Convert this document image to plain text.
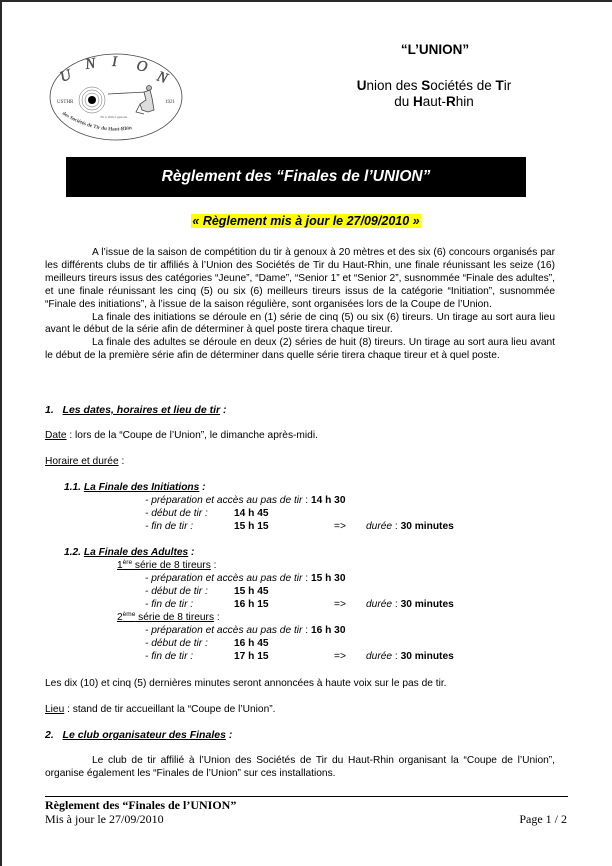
U
N I O
N
USTHR	1921
Tir à 10m à genoux
des Sociétés de Tir du Haut-Rhin
“L’UNION”
Union des Sociétés de Tir
du Haut-Rhin
Règlement des “Finales de l’UNION”
« Règlement mis à jour le 27/09/2010 »

A l’issue de la saison de compétition du tir à genoux à 20 mètres et des six (6) concours organisés par les différents clubs de tir affiliés à l’Union des Sociétés de Tir du Haut-Rhin, une finale réunissant les seize (16) meilleurs tireurs issus des catégories “Jeune”, “Dame”, “Senior 1” et “Senior 2”, susnommée “Finale des adultes”, et une finale réunissant les cinq (5) ou six (6) meilleurs tireurs issus de la catégorie “Initiation”, susnommée “Finale des initiations”, à l’issue de la saison régulière, sont organisées lors de la Coupe de l’Union.

La finale des initiations se déroule en (1) série de cinq (5) ou six (6) tireurs. Un tirage au sort aura lieu avant le début de la série afin de déterminer à quel poste tirera chaque tireur.

La finale des adultes se déroule en deux (2) séries de huit (8) tireurs. Un tirage au sort aura lieu avant le début de la première série afin de déterminer dans quelle série tirera chaque tireur et à quel poste.

1. Les dates, horaires et lieu de tir :
Date : lors de la “Coupe de l’Union”, le dimanche après-midi.
Horaire et durée :
1.1. La Finale des Initiations :
- préparation et accès au pas de tir : 14 h 30
- début de tir :	14 h 45
- fin de tir :	15 h 15	=> durée : 30 minutes
1.2. La Finale des Adultes :
1ère série de 8 tireurs :
- préparation et accès au pas de tir : 15 h 30
- début de tir :	15 h 45
- fin de tir :	16 h 15	=> durée : 30 minutes
2ème série de 8 tireurs :
- préparation et accès au pas de tir : 16 h 30
- début de tir :	16 h 45
- fin de tir :	17 h 15	=> durée : 30 minutes
Les dix (10) et cinq (5) dernières minutes seront annoncées à haute voix sur le pas de tir.
Lieu : stand de tir accueillant la “Coupe de l’Union”.
2. Le club organisateur des Finales :

Le club de tir affilié à l’Union des Sociétés de Tir du Haut-Rhin organisant la “Coupe de l’Union”, organise également les “Finales de l’Union” sur ces installations.

Règlement des “Finales de l’UNION”
Mis à jour le 27/09/2010	Page 1 / 2
